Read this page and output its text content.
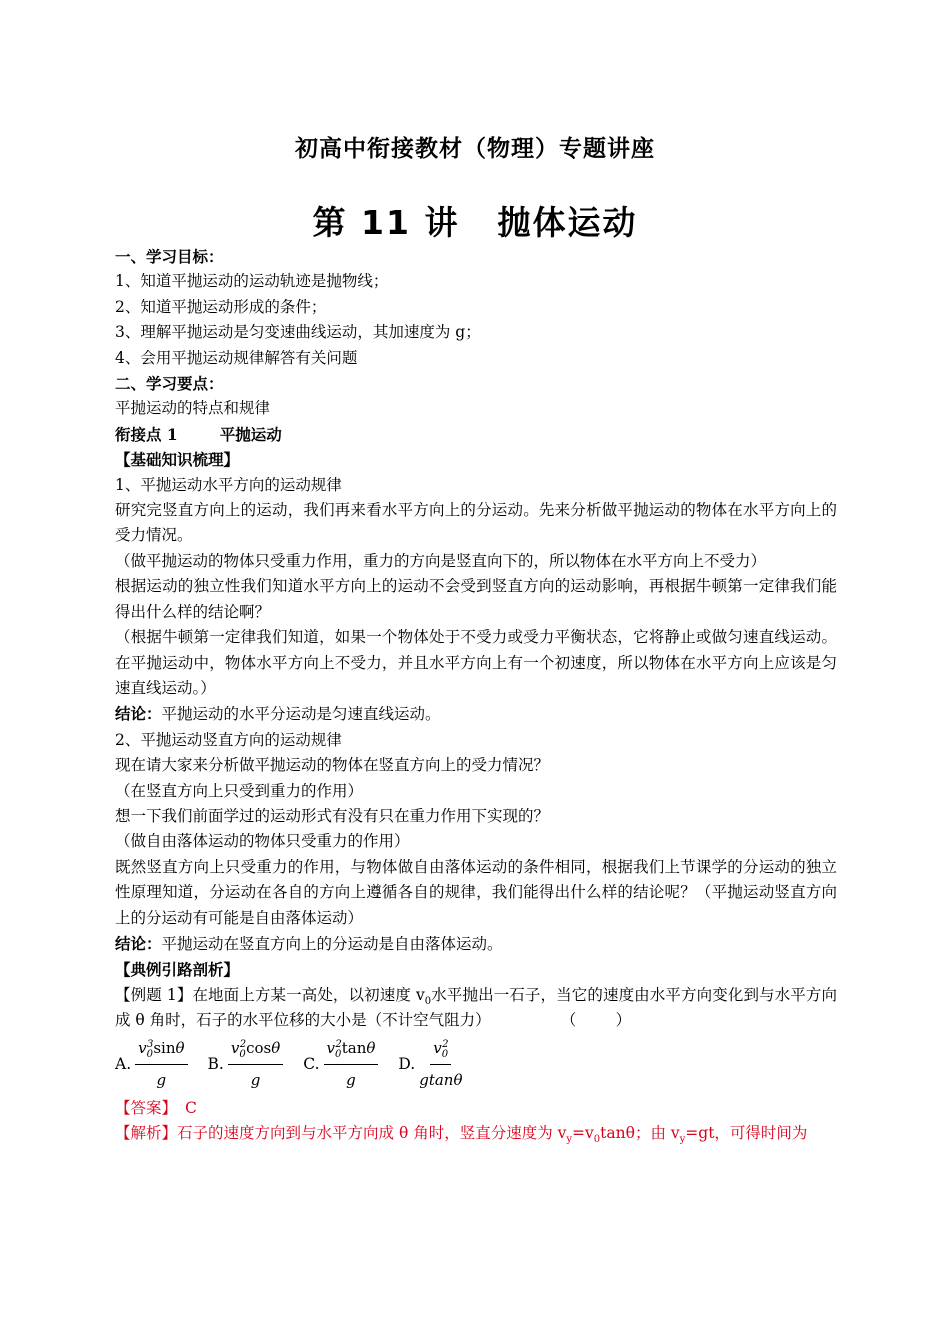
初高中衔接教材（物理）专题讲座
第 11 讲 抛体运动

一、学习目标：

1、知道平抛运动的运动轨迹是抛物线；

2、知道平抛运动形成的条件；

3、理解平抛运动是匀变速曲线运动，其加速度为 g；

4、会用平抛运动规律解答有关问题

二、学习要点：

平抛运动的特点和规律

衔接点 1	平抛运动

【基础知识梳理】

1、平抛运动水平方向的运动规律

研究完竖直方向上的运动，我们再来看水平方向上的分运动。先来分析做平抛运动的物体在水平方向上的受力情况。

（做平抛运动的物体只受重力作用，重力的方向是竖直向下的，所以物体在水平方向上不受力）

根据运动的独立性我们知道水平方向上的运动不会受到竖直方向的运动影响，再根据牛顿第一定律我们能得出什么样的结论啊？

（根据牛顿第一定律我们知道，如果一个物体处于不受力或受力平衡状态，它将静止或做匀速直线运动。在平抛运动中，物体水平方向上不受力，并且水平方向上有一个初速度，所以物体在水平方向上应该是匀速直线运动。）

结论：平抛运动的水平分运动是匀速直线运动。

2、平抛运动竖直方向的运动规律

现在请大家来分析做平抛运动的物体在竖直方向上的受力情况？

（在竖直方向上只受到重力的作用）

想一下我们前面学过的运动形式有没有只在重力作用下实现的？

（做自由落体运动的物体只受重力的作用）

既然竖直方向上只受重力的作用，与物体做自由落体运动的条件相同，根据我们上节课学的分运动的独立性原理知道，分运动在各自的方向上遵循各自的规律，我们能得出什么样的结论呢？（平抛运动竖直方向上的分运动有可能是自由落体运动）

结论：平抛运动在竖直方向上的分运动是自由落体运动。

【典例引路剖析】

【例题 1】在地面上方某一高处，以初速度 $v_0$水平抛出一石子，当它的速度由水平方向变化到与水平方向成 θ 角时，石子的水平位移的大小是（不计空气阻力）	（        ）

A. $\frac{v_0^3\sin\theta}{g} B$. $\frac{v_0^2\cos\theta}{g} C$. $\frac{v_0^2\tan\theta}{g} D$. $\frac{v_0^2}{gtan\theta}$

【答案】 C

【解析】石子的速度方向到与水平方向成 θ 角时，竖直分速度为 $v_y=v_0\tan\theta$；由 $v_y=gt$，可得时间为
